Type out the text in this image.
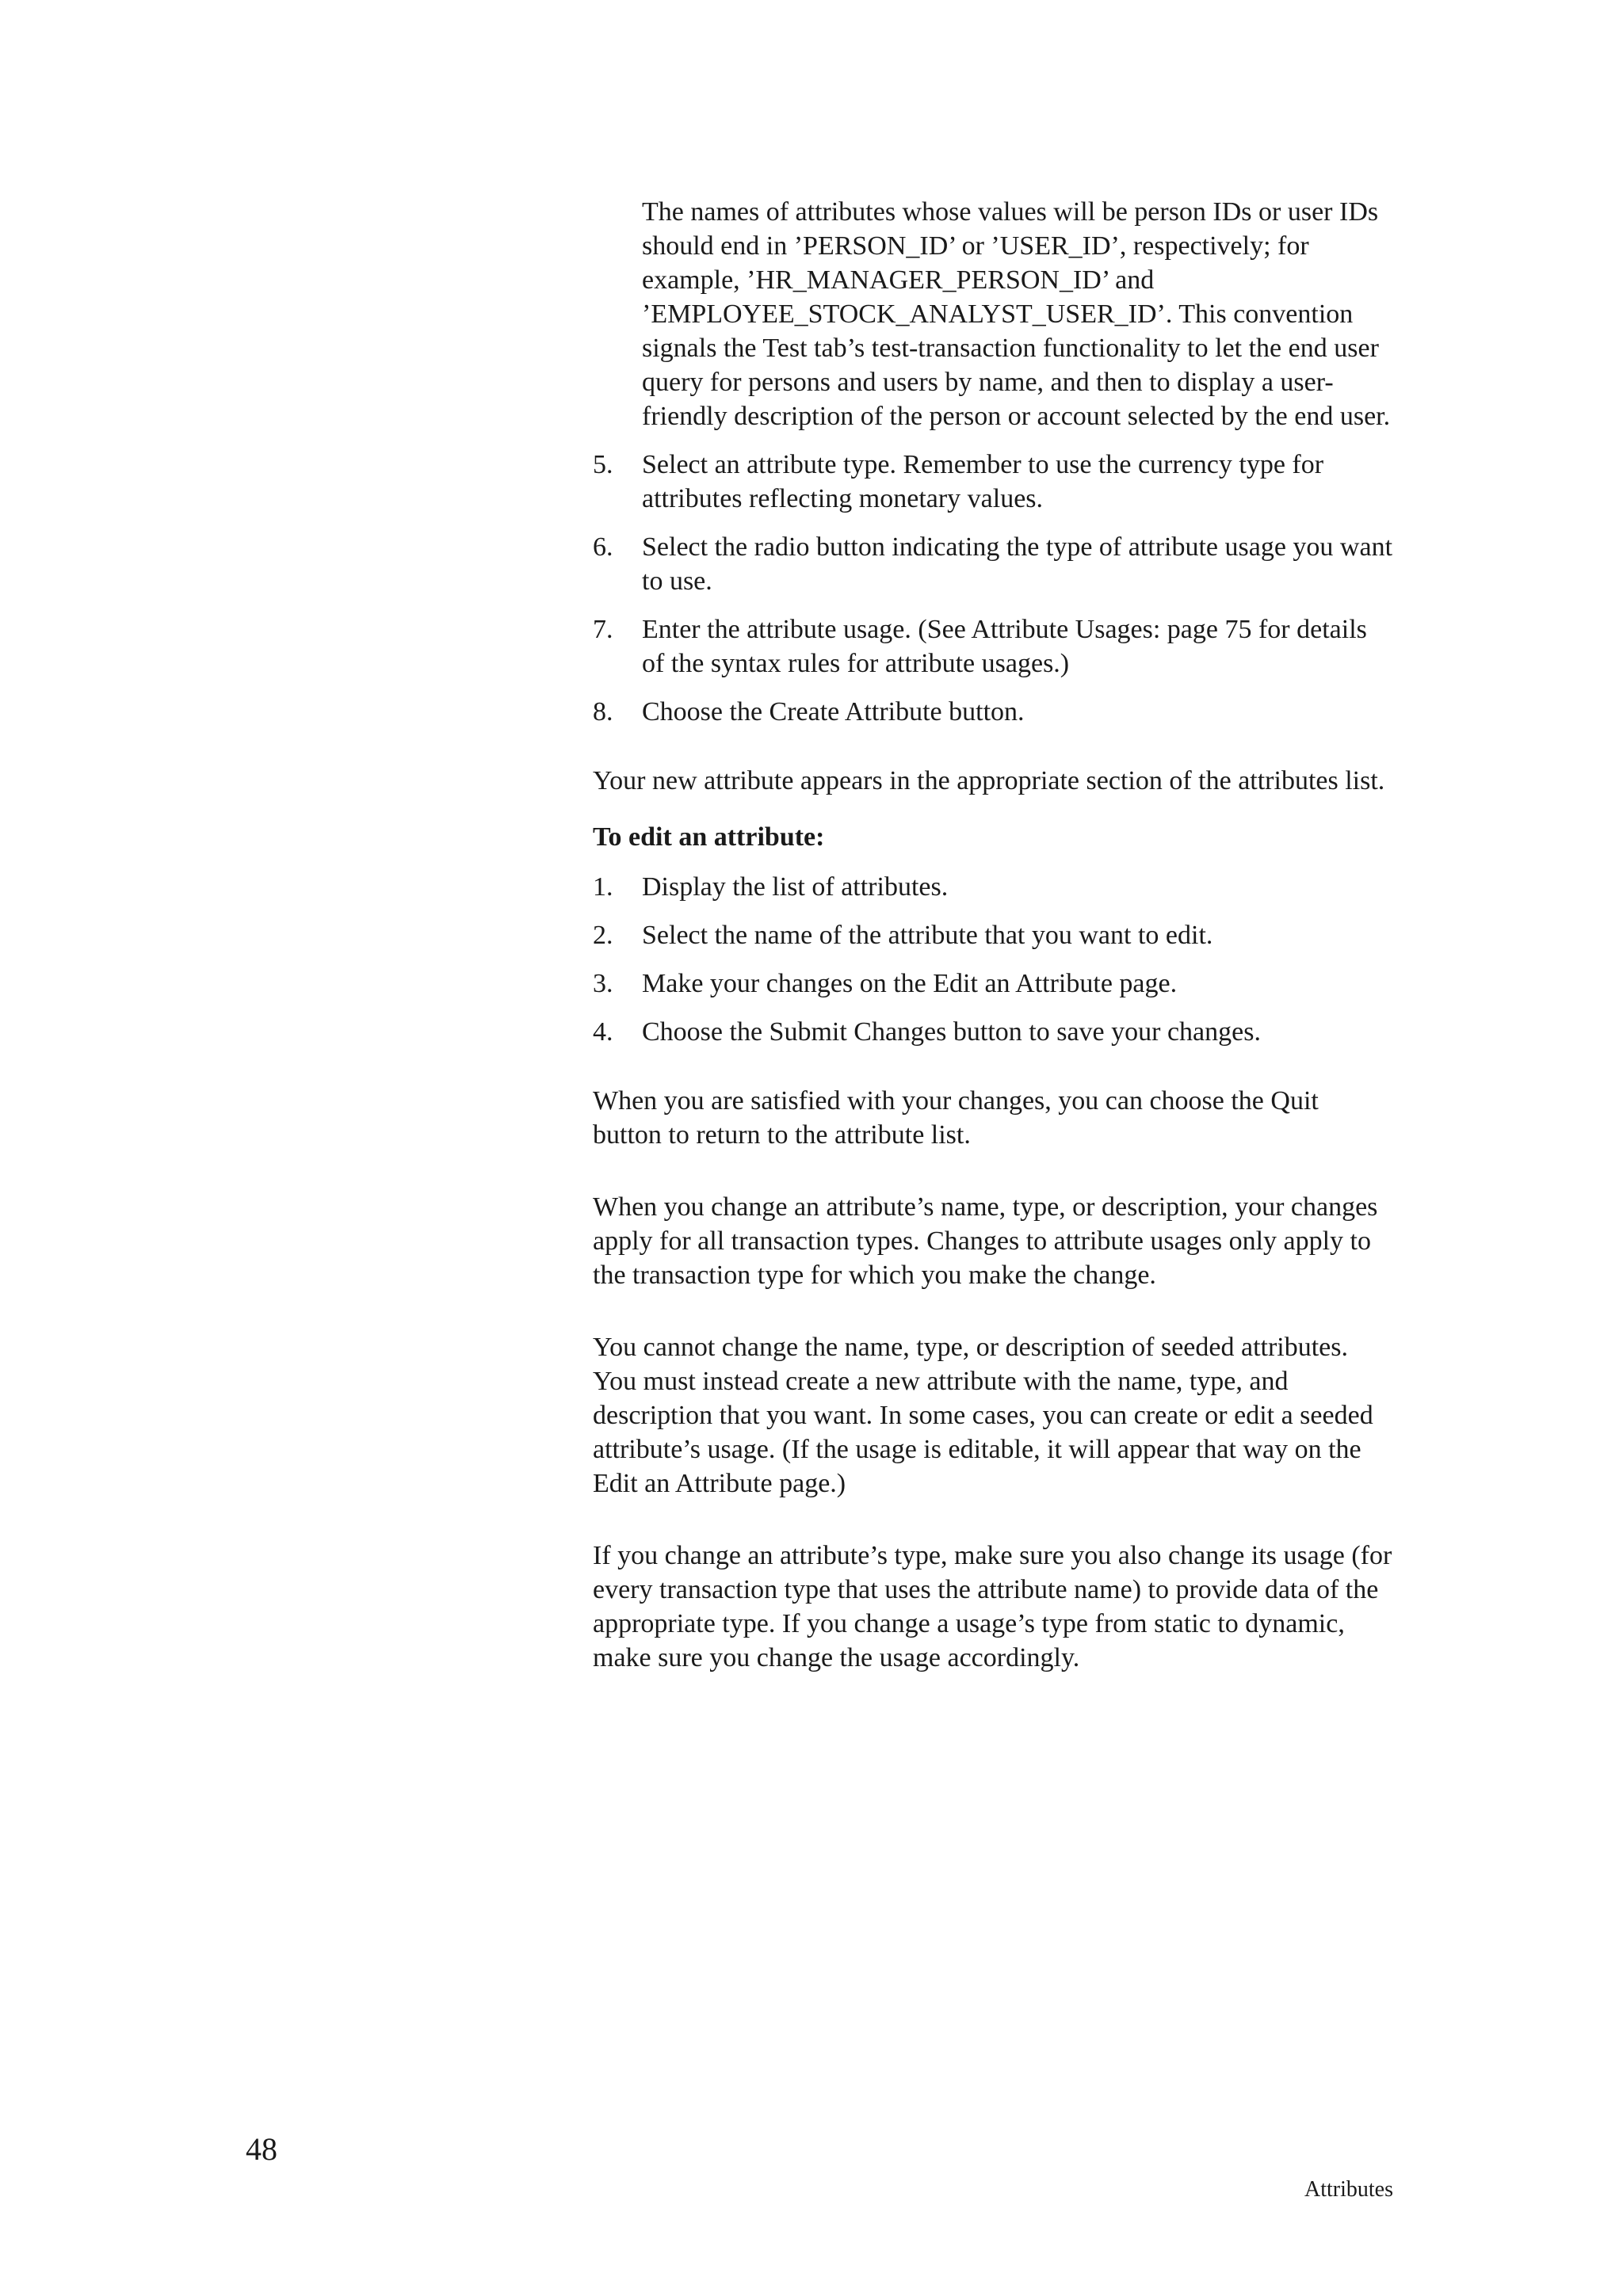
The names of attributes whose values will be person IDs or user IDs should end in ’PERSON_ID’ or ’USER_ID’, respectively; for example, ’HR_MANAGER_PERSON_ID’ and ’EMPLOYEE_STOCK_ANALYST_USER_ID’. This convention signals the Test tab’s test-transaction functionality to let the end user query for persons and users by name, and then to display a user-friendly description of the person or account selected by the end user.

5.	Select an attribute type. Remember to use the currency type for attributes reflecting monetary values.
6.	Select the radio button indicating the type of attribute usage you want to use.
7.	Enter the attribute usage. (See Attribute Usages: page 75 for details of the syntax rules for attribute usages.)
8.	Choose the Create Attribute button.

Your new attribute appears in the appropriate section of the attributes list.

To edit an attribute:

1.	Display the list of attributes.
2.	Select the name of the attribute that you want to edit.
3.	Make your changes on the Edit an Attribute page.
4.	Choose the Submit Changes button to save your changes.

When you are satisfied with your changes, you can choose the Quit button to return to the attribute list.

When you change an attribute’s name, type, or description, your changes apply for all transaction types. Changes to attribute usages only apply to the transaction type for which you make the change.

You cannot change the name, type, or description of seeded attributes. You must instead create a new attribute with the name, type, and description that you want. In some cases, you can create or edit a seeded attribute’s usage. (If the usage is editable, it will appear that way on the Edit an Attribute page.)

If you change an attribute’s type, make sure you also change its usage (for every transaction type that uses the attribute name) to provide data of the appropriate type. If you change a usage’s type from static to dynamic, make sure you change the usage accordingly.

48
Attributes
